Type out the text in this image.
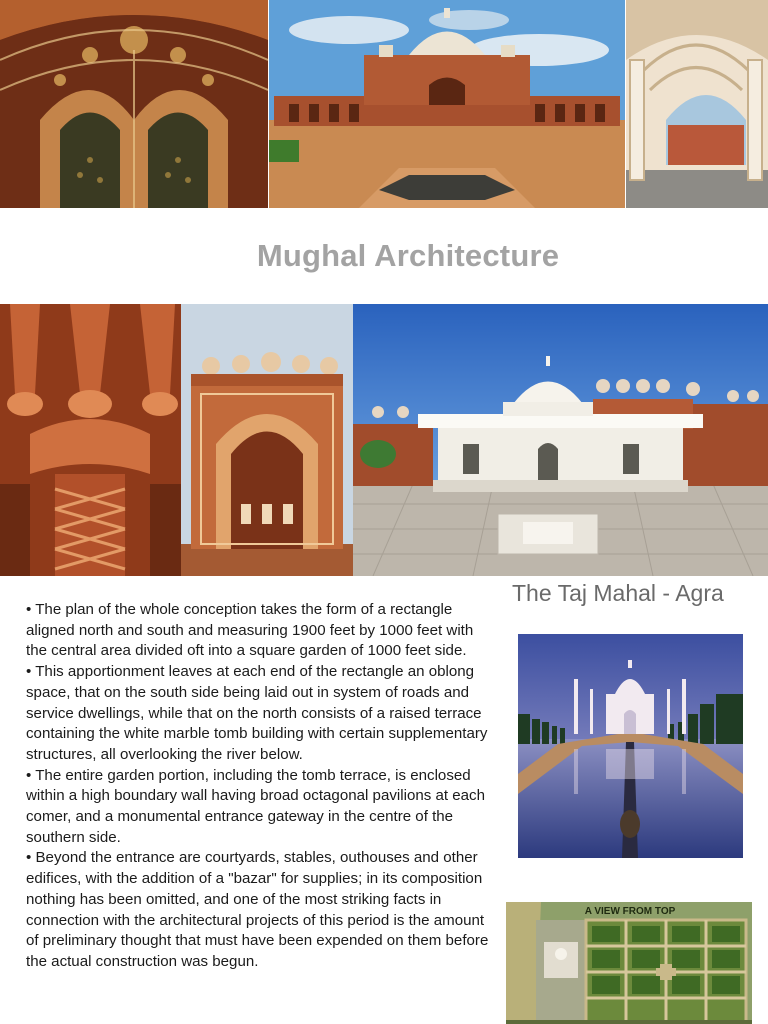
Mughal Architecture

• The plan of the whole conception takes the form of a rectangle aligned north and south and measuring 1900 feet by 1000 feet with the central area divided oft into a square garden of 1000 feet side.

• This apportionment leaves at each end of the rectangle an oblong space, that on the south side being laid out in system of roads and service dwellings, while that on the north consists of a raised terrace containing the white marble tomb building with certain supplementary structures, all overlooking the river below.

• The entire garden portion, including the tomb terrace, is enclosed within a high boundary wall having broad octagonal pavilions at each comer, and a monumental entrance gateway in the centre of the southern side.

• Beyond the entrance are courtyards, stables, outhouses and other edifices, with the addition of a "bazar" for supplies; in its composition nothing has been omitted, and one of the most striking facts in connection with the architectural projects of this period is the amount of preliminary thought that must have been expended on them before the actual construction was begun.

The Taj Mahal - Agra
A VIEW FROM TOP
